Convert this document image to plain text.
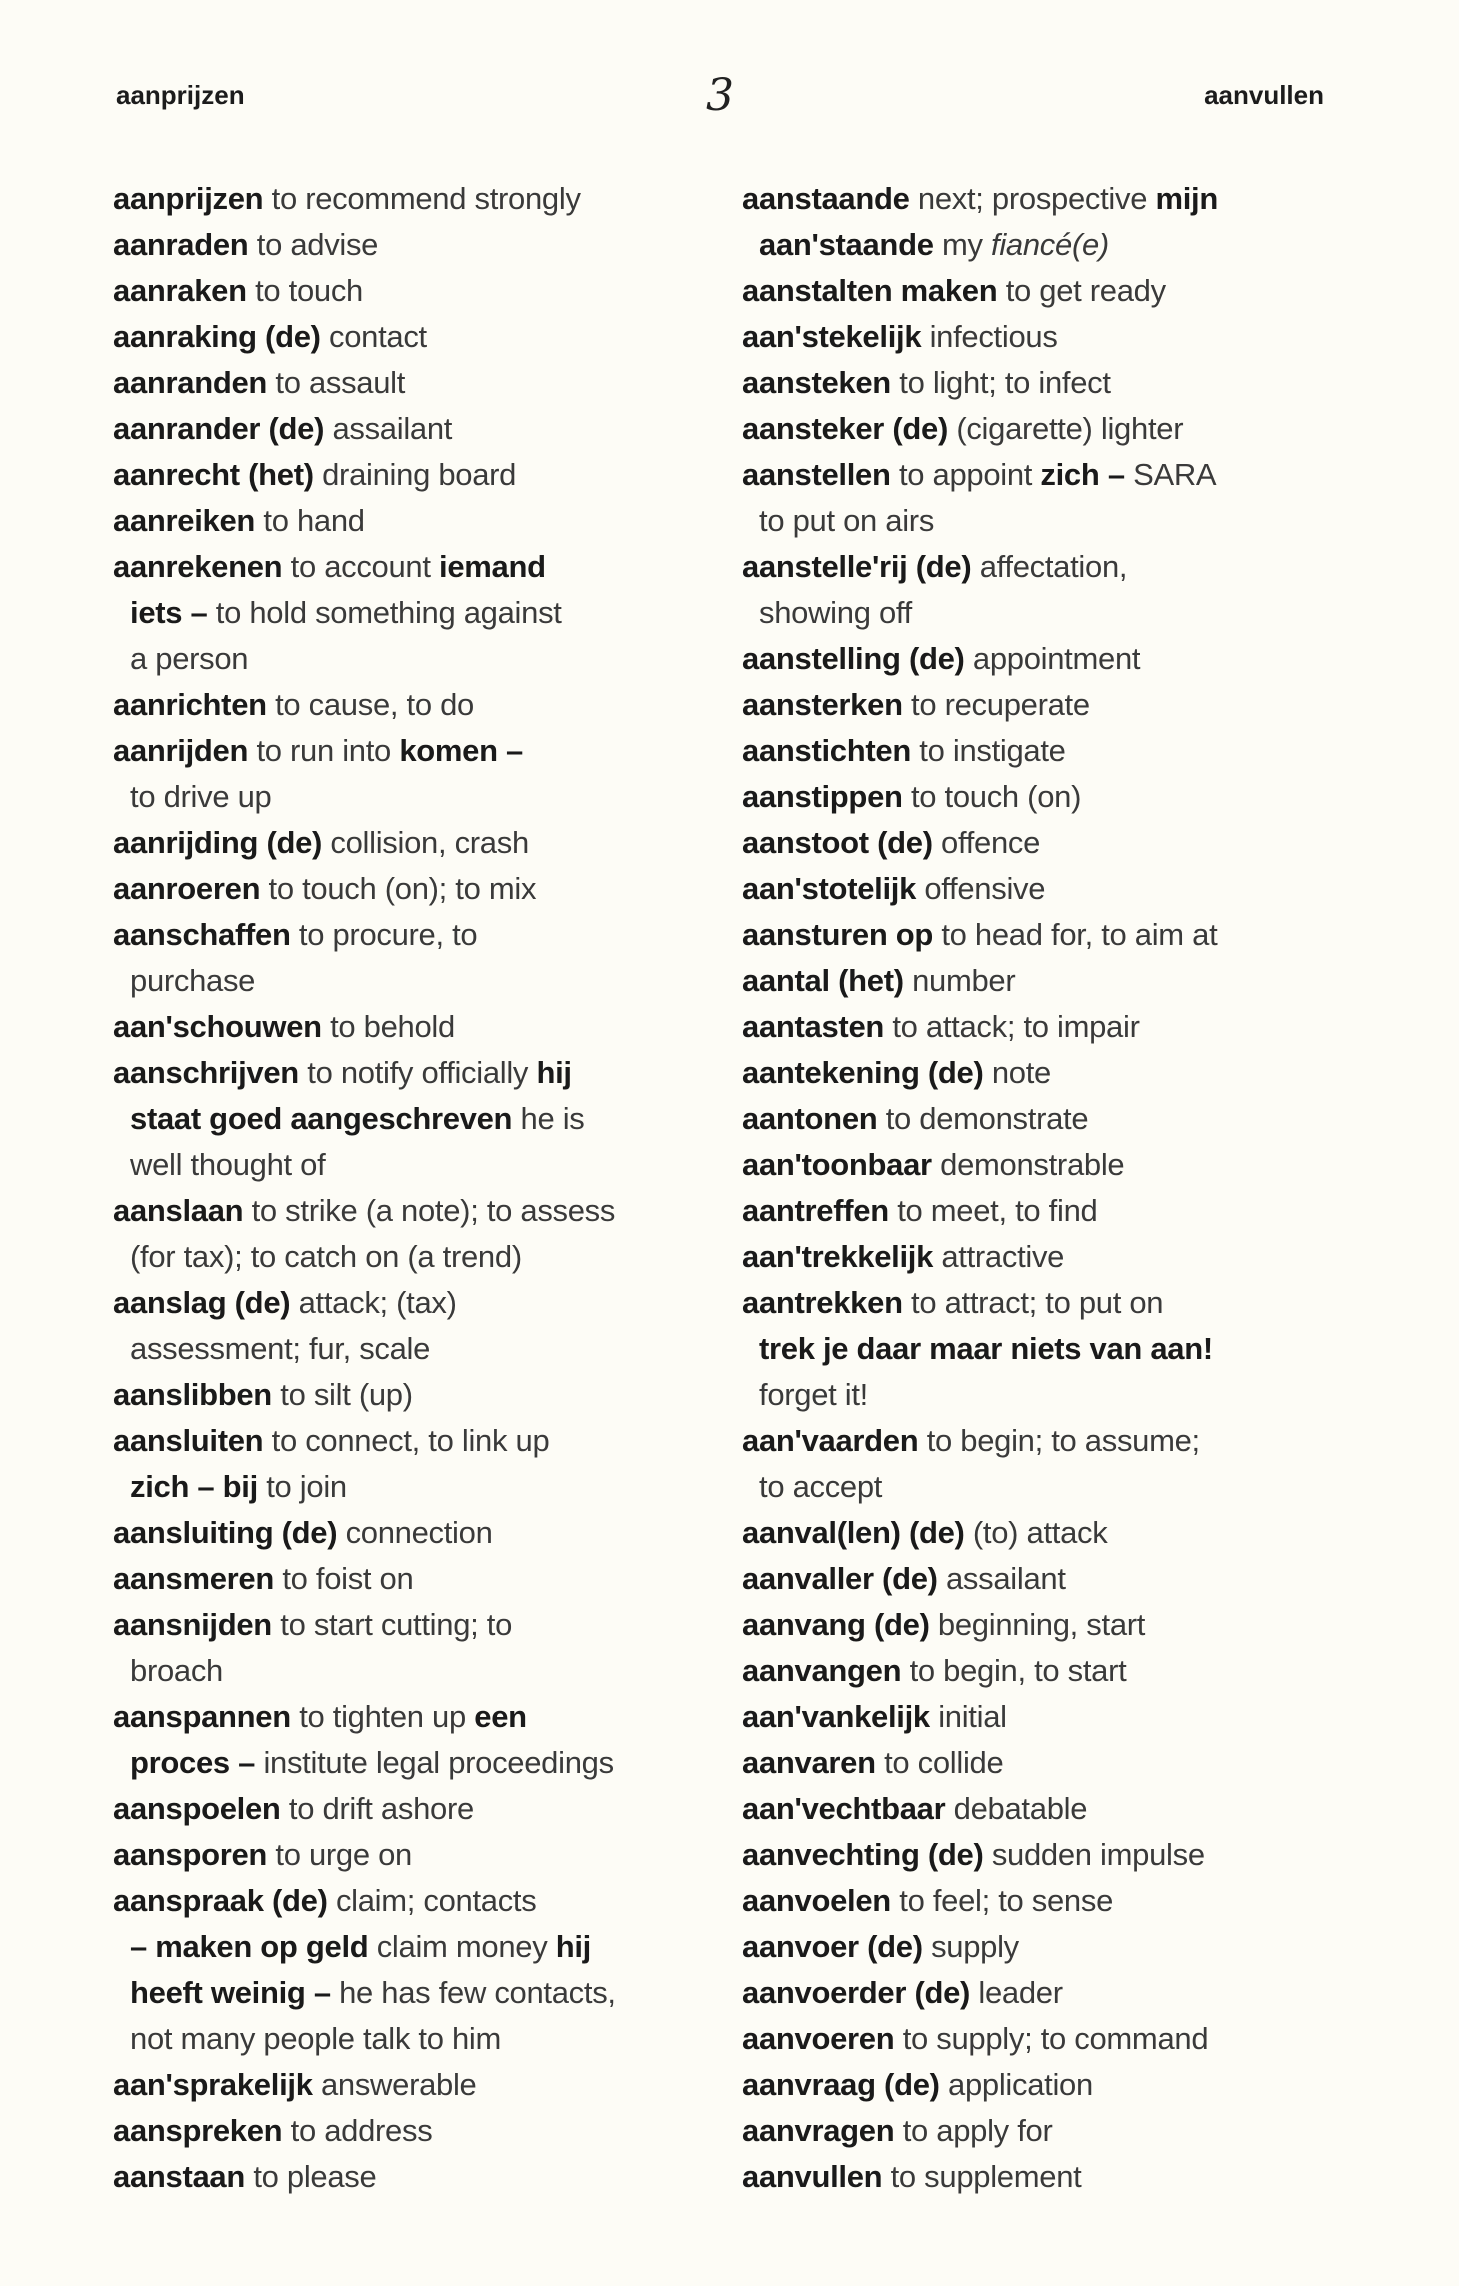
aanprijzen	3	aanvullen
aanprijzen to recommend strongly
aanraden to advise
aanraken to touch
aanraking (de) contact
aanranden to assault
aanrander (de) assailant
aanrecht (het) draining board
aanreiken to hand
aanrekenen to account iemand
iets – to hold something against
a person
aanrichten to cause, to do
aanrijden to run into komen –
to drive up
aanrijding (de) collision, crash
aanroeren to touch (on); to mix
aanschaffen to procure, to
purchase
aan'schouwen to behold
aanschrijven to notify officially hij
staat goed aangeschreven he is
well thought of
aanslaan to strike (a note); to assess
(for tax); to catch on (a trend)
aanslag (de) attack; (tax)
assessment; fur, scale
aanslibben to silt (up)
aansluiten to connect, to link up
zich – bij to join
aansluiting (de) connection
aansmeren to foist on
aansnijden to start cutting; to
broach
aanspannen to tighten up een
proces – institute legal proceedings
aanspoelen to drift ashore
aansporen to urge on
aanspraak (de) claim; contacts
– maken op geld claim money hij
heeft weinig – he has few contacts,
not many people talk to him
aan'sprakelijk answerable
aanspreken to address
aanstaan to please
aanstaande next; prospective mijn
aan'staande my fiancé(e)
aanstalten maken to get ready
aan'stekelijk infectious
aansteken to light; to infect
aansteker (de) (cigarette) lighter
aanstellen to appoint zich – SARA
to put on airs
aanstelle'rij (de) affectation,
showing off
aanstelling (de) appointment
aansterken to recuperate
aanstichten to instigate
aanstippen to touch (on)
aanstoot (de) offence
aan'stotelijk offensive
aansturen op to head for, to aim at
aantal (het) number
aantasten to attack; to impair
aantekening (de) note
aantonen to demonstrate
aan'toonbaar demonstrable
aantreffen to meet, to find
aan'trekkelijk attractive
aantrekken to attract; to put on
trek je daar maar niets van aan!
forget it!
aan'vaarden to begin; to assume;
to accept
aanval(len) (de) (to) attack
aanvaller (de) assailant
aanvang (de) beginning, start
aanvangen to begin, to start
aan'vankelijk initial
aanvaren to collide
aan'vechtbaar debatable
aanvechting (de) sudden impulse
aanvoelen to feel; to sense
aanvoer (de) supply
aanvoerder (de) leader
aanvoeren to supply; to command
aanvraag (de) application
aanvragen to apply for
aanvullen to supplement
